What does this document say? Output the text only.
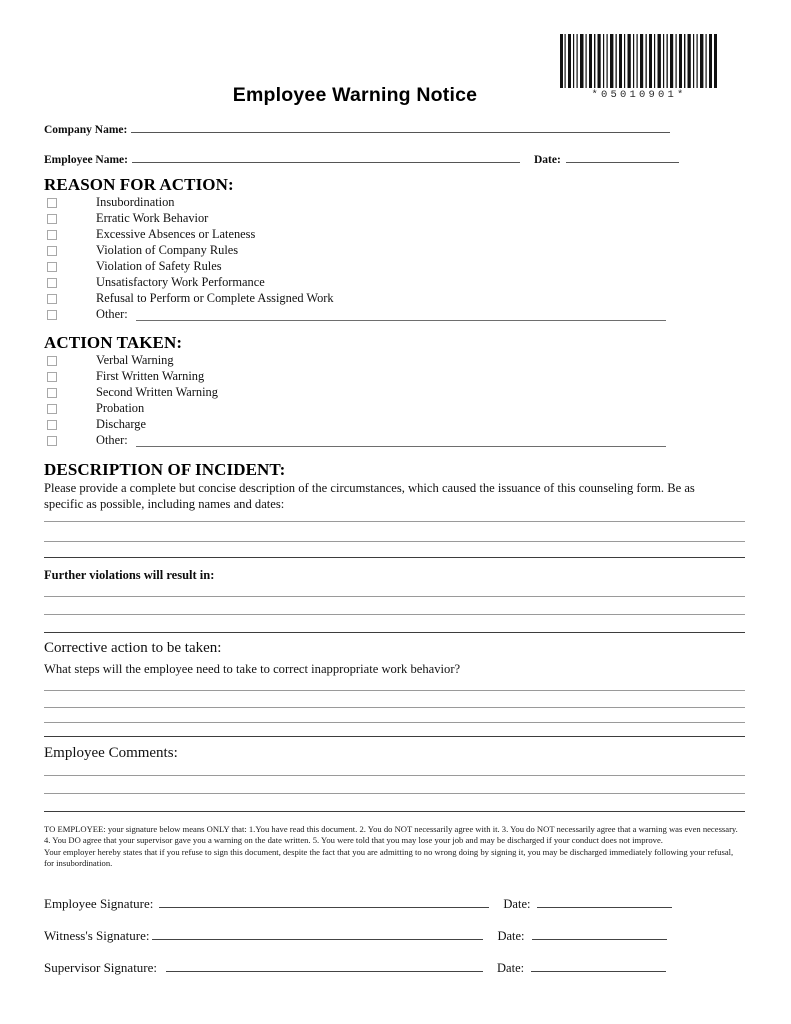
*05010901*
Employee Warning Notice
Company Name:
Employee Name:	Date:
REASON FOR ACTION:
Insubordination
Erratic Work Behavior
Excessive Absences or Lateness
Violation of Company Rules
Violation of Safety Rules
Unsatisfactory Work Performance
Refusal to Perform or Complete Assigned Work
Other:
ACTION TAKEN:
Verbal Warning
First Written Warning
Second Written Warning
Probation
Discharge
Other:
DESCRIPTION OF INCIDENT:
Please provide a complete but concise description of the circumstances, which caused the issuance of this counseling form. Be as specific as possible, including names and dates:
Further violations will result in:
Corrective action to be taken:
What steps will the employee need to take to correct inappropriate work behavior?
Employee Comments:

TO EMPLOYEE: your signature below means ONLY that: 1.You have read this document. 2. You do NOT necessarily agree with it. 3. You do NOT necessarily agree that a warning was even necessary. 4. You DO agree that your supervisor gave you a warning on the date written. 5. You were told that you may lose your job and may be discharged if your conduct does not improve.

Your employer hereby states that if you refuse to sign this document, despite the fact that you are admitting to no wrong doing by signing it, you may be discharged immediately following your refusal, for insubordination.

Employee Signature:	Date:
Witness's Signature:	Date:
Supervisor Signature:	Date:
